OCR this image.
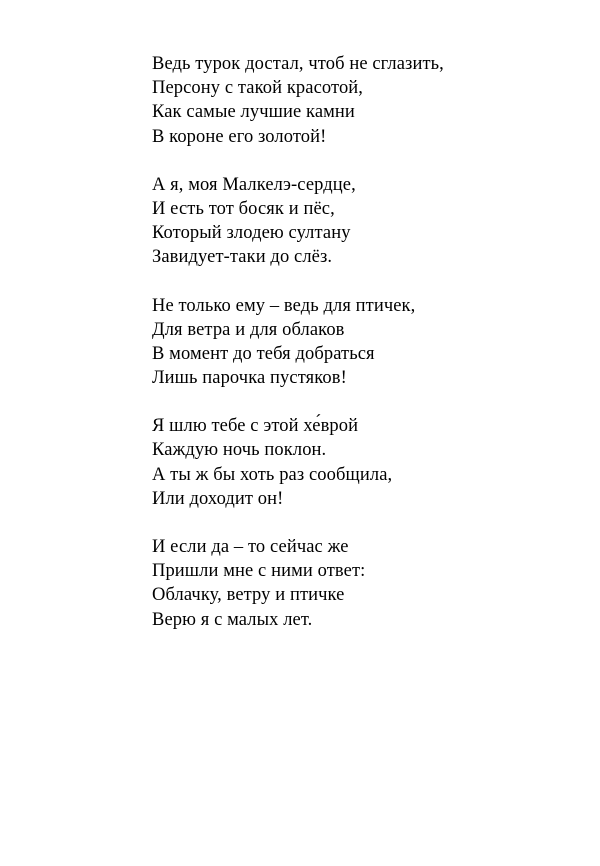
Ведь турок достал, чтоб не сглазить,
Персону с такой красотой,
Как самые лучшие камни
В короне его золотой!
А я, моя Малкелэ-сердце,
И есть тот босяк и пёс,
Который злодею султану
Завидует-таки до слёз.
Не только ему – ведь для птичек,
Для ветра и для облаков
В момент до тебя добраться
Лишь парочка пустяков!
Я шлю тебе с этой хе́врой
Каждую ночь поклон.
А ты ж бы хоть раз сообщила,
Или доходит он!
И если да – то сейчас же
Пришли мне с ними ответ:
Облачку, ветру и птичке
Верю я с малых лет.
